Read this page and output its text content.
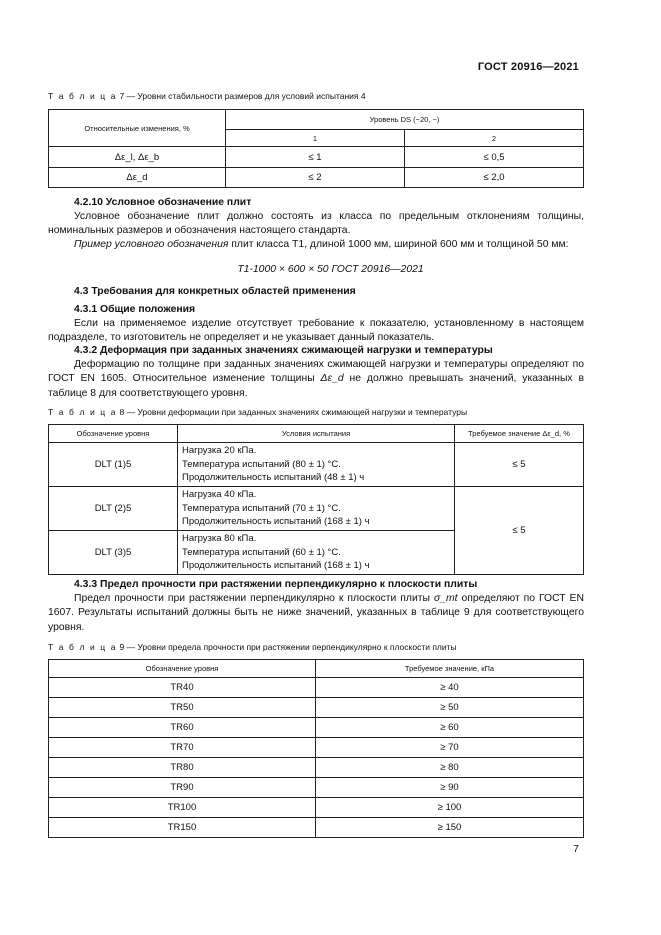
ГОСТ 20916—2021
Т а б л и ц а 7 — Уровни стабильности размеров для условий испытания 4
Относительные изменения, %	Уровень DS (−20, −)	
	1	2
Δε_l, Δε_b	≤ 1	≤ 0,5
Δε_d	≤ 2	≤ 2,0
4.2.10 Условное обозначение плит
Условное обозначение плит должно состоять из класса по предельным отклонениям толщины, номинальных размеров и обозначения настоящего стандарта.
Пример условного обозначения плит класса Т1, длиной 1000 мм, шириной 600 мм и толщиной 50 мм:
Т1-1000 × 600 × 50 ГОСТ 20916—2021
4.3 Требования для конкретных областей применения
4.3.1 Общие положения
Если на применяемое изделие отсутствует требование к показателю, установленному в настоящем подразделе, то изготовитель не определяет и не указывает данный показатель.
4.3.2 Деформация при заданных значениях сжимающей нагрузки и температуры
Деформацию по толщине при заданных значениях сжимающей нагрузки и температуры определяют по ГОСТ EN 1605. Относительное изменение толщины Δε_d не должно превышать значений, указанных в таблице 8 для соответствующего уровня.
Т а б л и ц а 8 — Уровни деформации при заданных значениях сжимающей нагрузки и температуры
Обозначение уровня	Условия испытания	Требуемое значение Δε_d, %
DLT (1)5	Нагрузка 20 кПа.
Температура испытаний (80 ± 1) °С.
Продолжительность испытаний (48 ± 1) ч	≤ 5
DLT (2)5	Нагрузка 40 кПа.
Температура испытаний (70 ± 1) °С.
Продолжительность испытаний (168 ± 1) ч	≤ 5
DLT (3)5	Нагрузка 80 кПа.
Температура испытаний (60 ± 1) °С.
Продолжительность испытаний (168 ± 1) ч	
4.3.3 Предел прочности при растяжении перпендикулярно к плоскости плиты
Предел прочности при растяжении перпендикулярно к плоскости плиты σ_mt определяют по ГОСТ EN 1607. Результаты испытаний должны быть не ниже значений, указанных в таблице 9 для соответствующего уровня.
Т а б л и ц а 9 — Уровни предела прочности при растяжении перпендикулярно к плоскости плиты
Обозначение уровня	Требуемое значение, кПа
TR40	≥ 40
TR50	≥ 50
TR60	≥ 60
TR70	≥ 70
TR80	≥ 80
TR90	≥ 90
TR100	≥ 100
TR150	≥ 150
7
